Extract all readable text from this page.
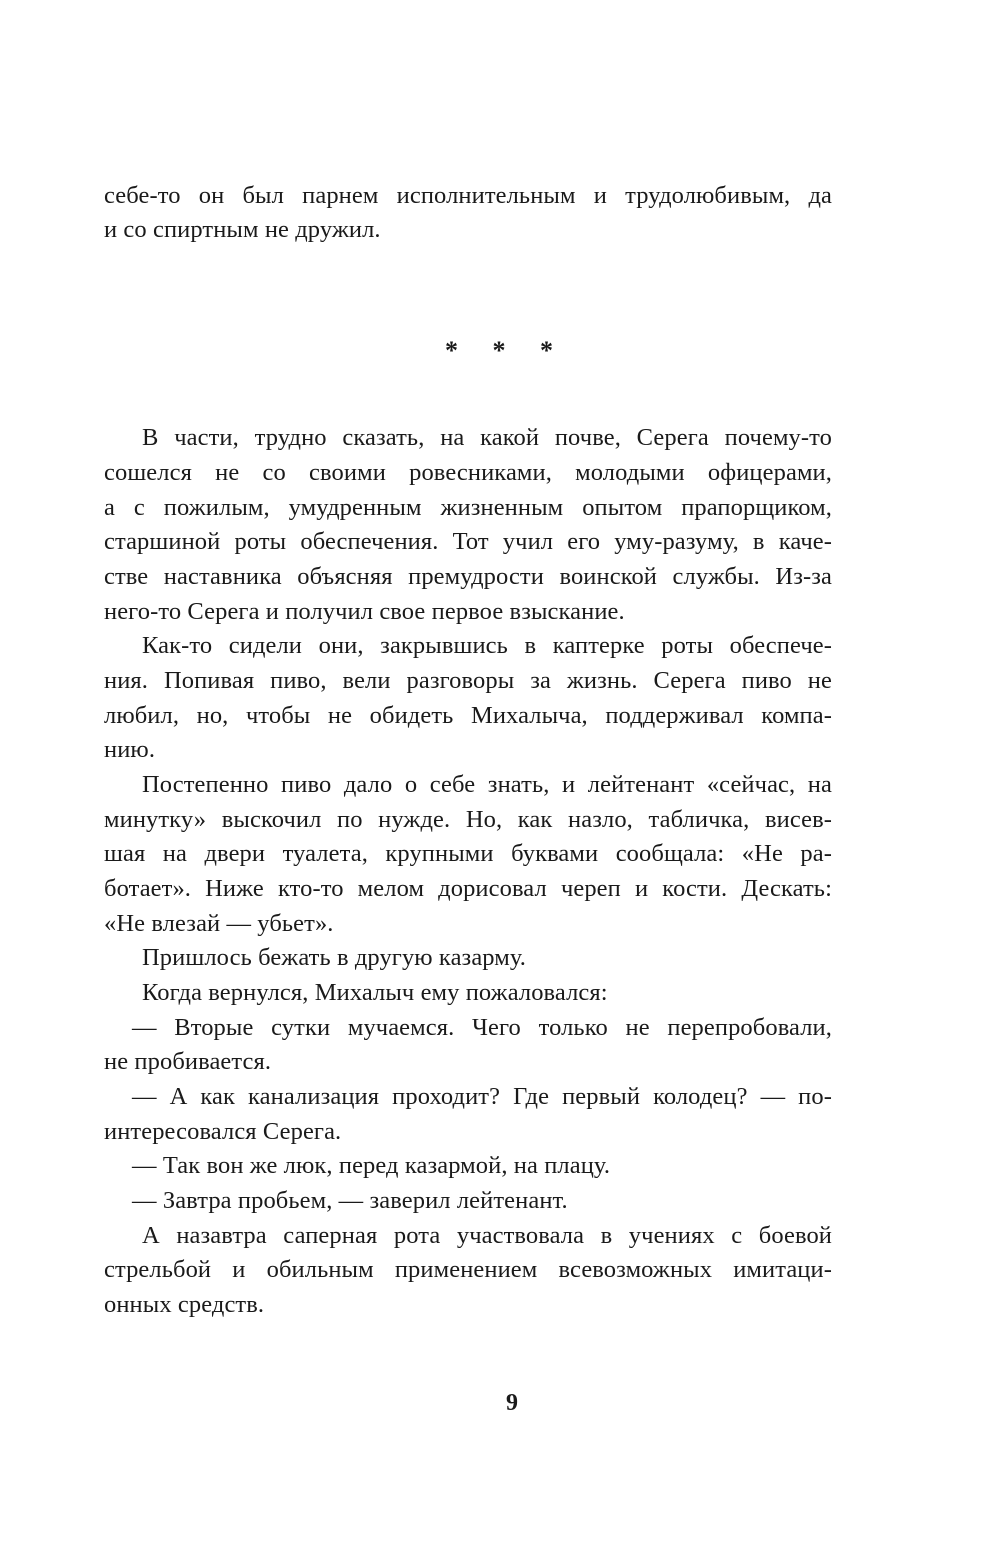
себе-то он был парнем исполнительным и трудолюбивым, да
и со спиртным не дружил.
* * *
В части, трудно сказать, на какой почве, Серега почему-то
сошелся не со своими ровесниками, молодыми офицерами,
а с пожилым, умудренным жизненным опытом прапорщиком,
старшиной роты обеспечения. Тот учил его уму-разуму, в каче-
стве наставника объясняя премудрости воинской службы. Из-за
него-то Серега и получил свое первое взыскание.
Как-то сидели они, закрывшись в каптерке роты обеспече-
ния. Попивая пиво, вели разговоры за жизнь. Серега пиво не
любил, но, чтобы не обидеть Михалыча, поддерживал компа-
нию.
Постепенно пиво дало о себе знать, и лейтенант «сейчас, на
минутку» выскочил по нужде. Но, как назло, табличка, висев-
шая на двери туалета, крупными буквами сообщала: «Не ра-
ботает». Ниже кто-то мелом дорисовал череп и кости. Дескать:
«Не влезай — убьет».
Пришлось бежать в другую казарму.
Когда вернулся, Михалыч ему пожаловался:
— Вторые сутки мучаемся. Чего только не перепробовали,
не пробивается.
— А как канализация проходит? Где первый колодец? — по-
интересовался Серега.
— Так вон же люк, перед казармой, на плацу.
— Завтра пробьем, — заверил лейтенант.
А назавтра саперная рота участвовала в учениях с боевой
стрельбой и обильным применением всевозможных имитаци-
онных средств.
9
